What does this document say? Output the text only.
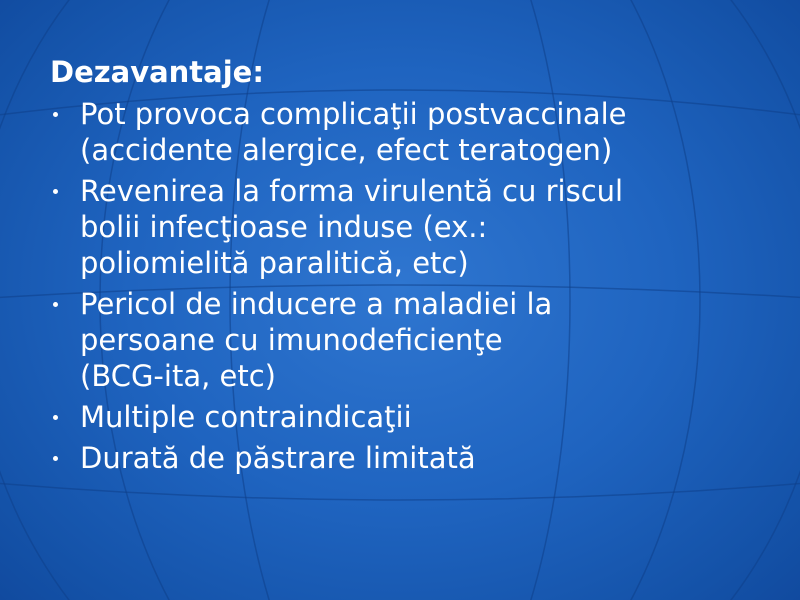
Dezavantaje:
Pot provoca complicaţii postvaccinale
(accidente alergice, efect teratogen)
Revenirea la forma virulentă cu riscul
bolii infecţioase induse (ex.:
poliomielită paralitică, etc)
Pericol de inducere a maladiei la
persoane cu imunodeficienţe
(BCG-ita, etc)
Multiple contraindicaţii
Durată de păstrare limitată
